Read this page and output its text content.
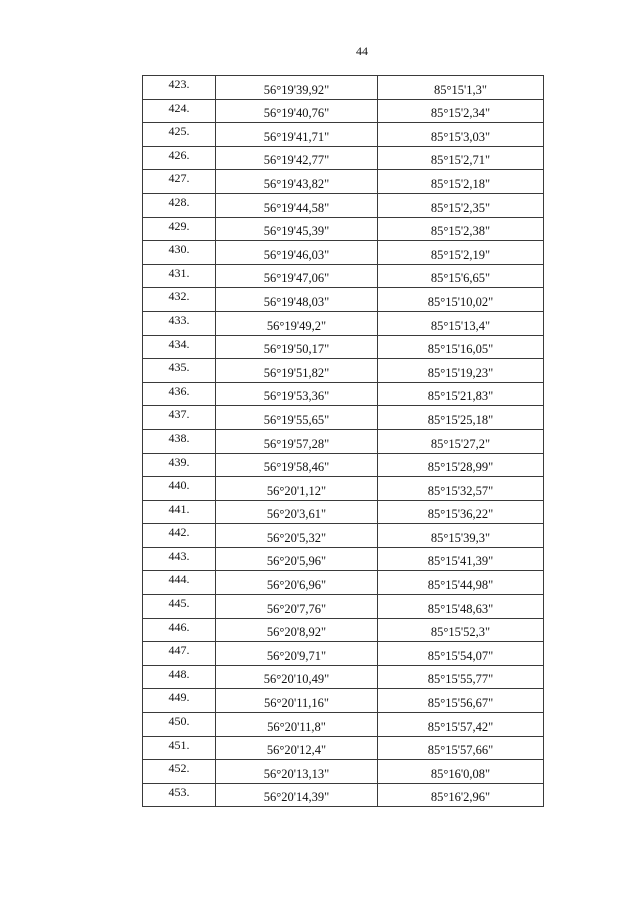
44
423.	56°19'39,92"	85°15'1,3"
424.	56°19'40,76"	85°15'2,34"
425.	56°19'41,71"	85°15'3,03"
426.	56°19'42,77"	85°15'2,71"
427.	56°19'43,82"	85°15'2,18"
428.	56°19'44,58"	85°15'2,35"
429.	56°19'45,39"	85°15'2,38"
430.	56°19'46,03"	85°15'2,19"
431.	56°19'47,06"	85°15'6,65"
432.	56°19'48,03"	85°15'10,02"
433.	56°19'49,2"	85°15'13,4"
434.	56°19'50,17"	85°15'16,05"
435.	56°19'51,82"	85°15'19,23"
436.	56°19'53,36"	85°15'21,83"
437.	56°19'55,65"	85°15'25,18"
438.	56°19'57,28"	85°15'27,2"
439.	56°19'58,46"	85°15'28,99"
440.	56°20'1,12"	85°15'32,57"
441.	56°20'3,61"	85°15'36,22"
442.	56°20'5,32"	85°15'39,3"
443.	56°20'5,96"	85°15'41,39"
444.	56°20'6,96"	85°15'44,98"
445.	56°20'7,76"	85°15'48,63"
446.	56°20'8,92"	85°15'52,3"
447.	56°20'9,71"	85°15'54,07"
448.	56°20'10,49"	85°15'55,77"
449.	56°20'11,16"	85°15'56,67"
450.	56°20'11,8"	85°15'57,42"
451.	56°20'12,4"	85°15'57,66"
452.	56°20'13,13"	85°16'0,08"
453.	56°20'14,39"	85°16'2,96"
